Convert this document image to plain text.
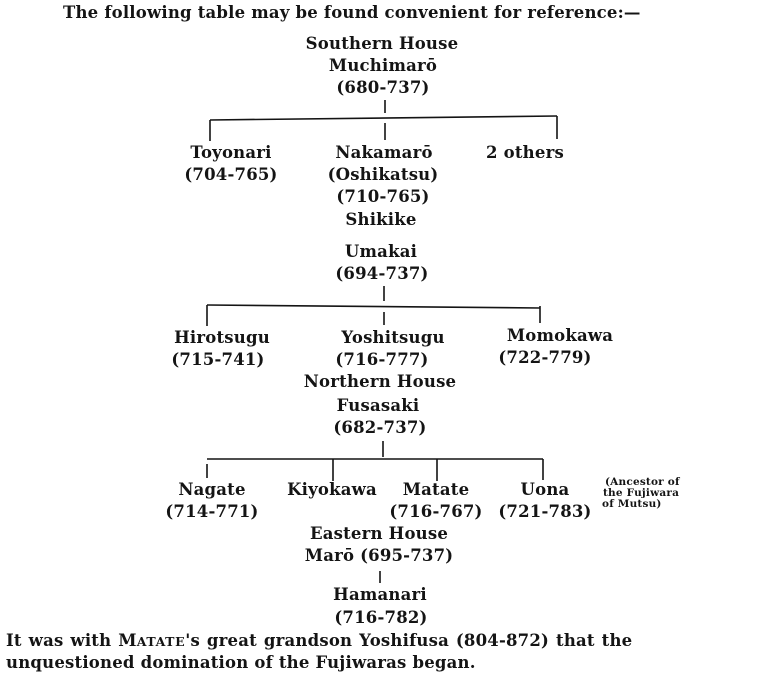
The following table may be found convenient for reference:—
Southern House
Muchimarō
(680-737)
Toyonari
(704-765)
Nakamarō
(Oshikatsu)
(710-765)
2 others
Shikike
Umakai
(694-737)
Hirotsugu
(715-741)
Yoshitsugu
(716-777)
Momokawa
(722-779)
Northern House
Fusasaki
(682-737)
Nagate
(714-771)
Kiyokawa Matate
(716-767)
Uona
(721-783)
(Ancestor of
the Fujiwara
of Mutsu)
Eastern House
Marō (695-737)
Hamanari
(716-782)
It was with MATATE's great grandson Yoshifusa (804-872) that the
unquestioned domination of the Fujiwaras began.
